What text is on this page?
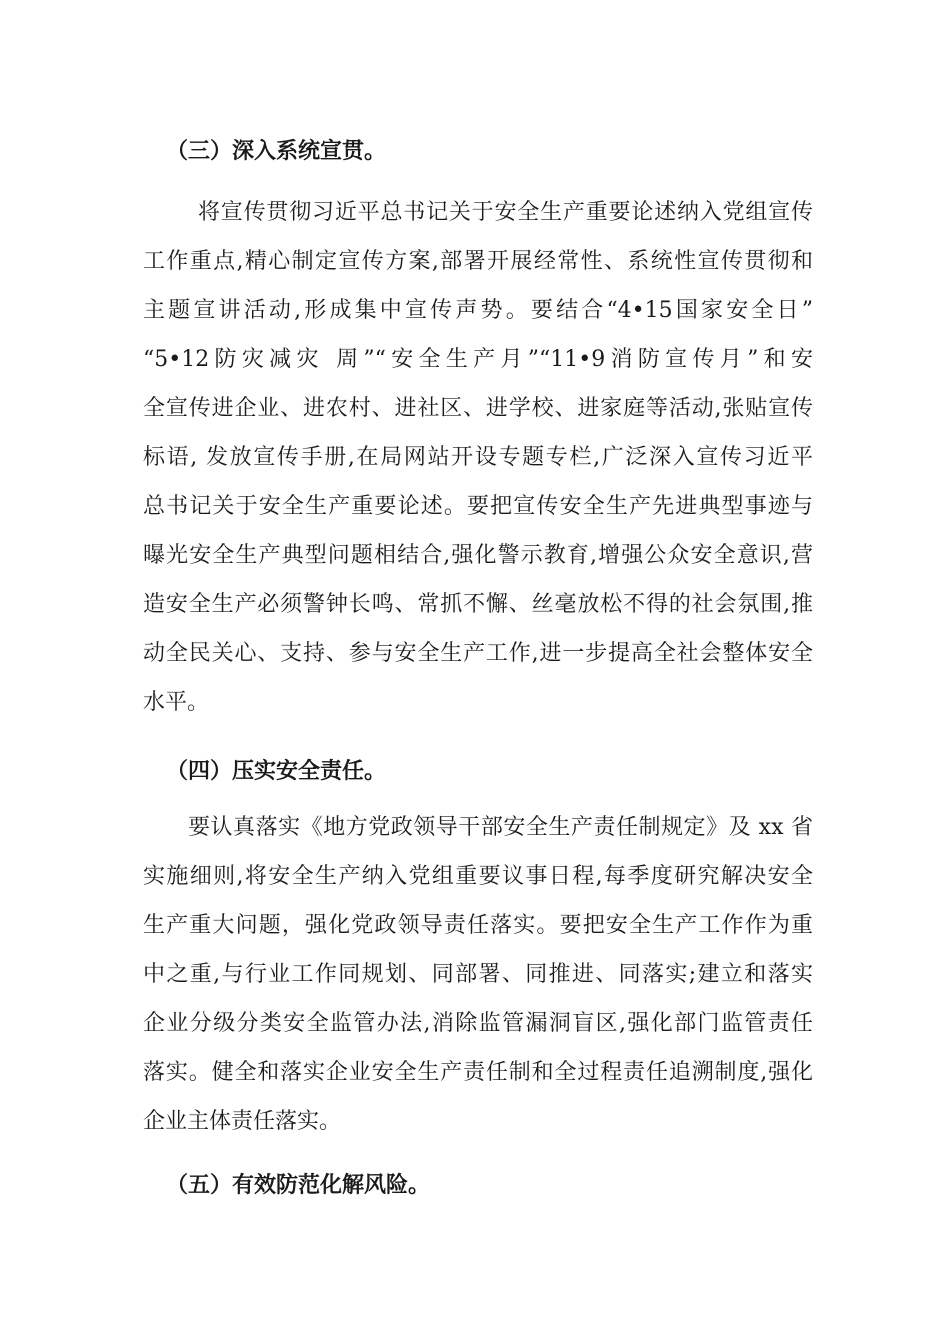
（三）深入系统宣贯。
将宣传贯彻习近平总书记关于安全生产重要论述纳入党组宣传
工作重点,精心制定宣传方案,部署开展经常性、系统性宣传贯彻和
主题宣讲活动,形成集中宣传声势。要结合“4•15国家安全日”
“5•12防灾减灾 周”“安全生产月”“11•9消防宣传月”和安
全宣传进企业、进农村、进社区、进学校、进家庭等活动,张贴宣传
标语, 发放宣传手册,在局网站开设专题专栏,广泛深入宣传习近平
总书记关于安全生产重要论述。要把宣传安全生产先进典型事迹与
曝光安全生产典型问题相结合,强化警示教育,增强公众安全意识,营
造安全生产必须警钟长鸣、常抓不懈、丝毫放松不得的社会氛围,推
动全民关心、支持、参与安全生产工作,进一步提高全社会整体安全
水平。
（四）压实安全责任。
要认真落实《地方党政领导干部安全生产责任制规定》及 xx 省
实施细则,将安全生产纳入党组重要议事日程,每季度研究解决安全
生产重大问题，强化党政领导责任落实。要把安全生产工作作为重
中之重,与行业工作同规划、同部署、同推进、同落实;建立和落实
企业分级分类安全监管办法,消除监管漏洞盲区,强化部门监管责任
落实。健全和落实企业安全生产责任制和全过程责任追溯制度,强化
企业主体责任落实。
（五）有效防范化解风险。
